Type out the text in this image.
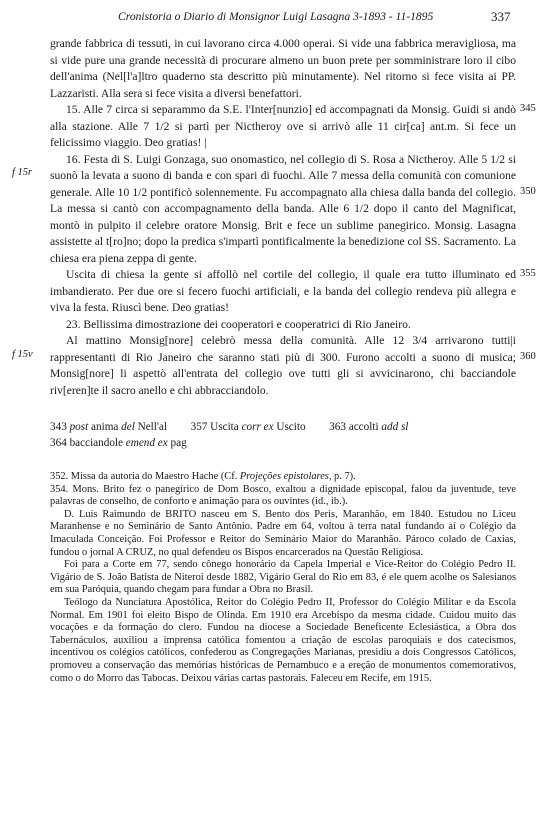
Cronistoria o Diario di Monsignor Luigi Lasagna 3-1893 - 11-1895	337

grande fabbrica di tessuti, in cui lavorano circa 4.000 operai. Si vide una fabbrica meravigliosa, ma si vide pure una grande necessità di procurare almeno un buon prete per somministrare loro il cibo dell'anima (Nel[l'a]ltro quaderno sta descritto più minutamente). Nel ritorno si fece visita ai PP. Lazzaristi. Alla sera si fece visita a diversi benefattori.

15. Alle 7 circa si separammo da S.E. l'Inter[nunzio] ed accompagnati da Monsig. Guidi si andò alla stazione. Alle 7 1/2 si partì per Nictheroy ove si arrivò alle 11 cir[ca] ant.m. Si fece un felicissimo viaggio. Deo gratias! |

16. Festa di S. Luigi Gonzaga, suo onomastico, nel collegio di S. Rosa a Nictheroy. Alle 5 1/2 si suonò la levata a suono di banda e con spari di fuochi. Alle 7 messa della comunità con comunione generale. Alle 10 1/2 pontificò solennemente. Fu accompagnato alla chiesa dalla banda del collegio. La messa si cantò con accompagnamento della banda. Alle 6 1/2 dopo il canto del Magnificat, montò in pulpito il celebre oratore Monsig. Brit e fece un sublime panegirico. Monsig. Lasagna assistette al t[ro]no; dopo la predica s'impartì pontificalmente la benedizione col SS. Sacramento. La chiesa era piena zeppa di gente.

Uscita di chiesa la gente si affollò nel cortile del collegio, il quale era tutto illuminato ed imbandierato. Per due ore si fecero fuochi artificiali, e la banda del collegio rendeva più allegra e viva la festa. Riuscì bene. Deo gratias!

23. Bellissima dimostrazione dei cooperatori e cooperatrici di Rio Janeiro.

Al mattino Monsig[nore] celebrò messa della comunità. Alle 12 3/4 arrivarono tutti|i rappresentanti di Rio Janeiro che saranno stati più di 300. Furono accolti a suono di musica; Monsig[nore] li aspettò all'entrata del collegio ove tutti gli si avvicinarono, chi bacciandole riv[eren]te il sacro anello e chi abbracciandolo.

f 15r
f 15v
345
350
355
360
343 post anima del Nell'al 357 Uscita corr ex Uscito 363 accolti add sl
364 bacciandole emend ex pag

352. Missa da autoria do Maestro Hache (Cf. Projeções epistolares, p. 7).

354. Mons. Brito fez o panegírico de Dom Bosco, exaltou a dignidade episcopal, falou da juventude, teve palavras de conselho, de conforto e animação para os ouvintes (id., ib.).

D. Luís Raimundo de BRITO nasceu em S. Bento dos Peris, Maranhão, em 1840. Estudou no Liceu Maranhense e no Seminário de Santo Antônio. Padre em 64, voltou à terra natal fundando aí o Colégio da Imaculada Conceição. Foi Professor e Reitor do Seminário Maior do Maranhão. Pároco colado de Caxias, fundou o jornal A CRUZ, no qual defendeu os Bispos encarcerados na Questão Religiosa.

Foi para a Corte em 77, sendo cônego honorário da Capela Imperial e Vice-Reitor do Colégio Pedro II. Vigário de S. João Batista de Niteroi desde 1882, Vigário Geral do Rio em 83, é ele quem acolhe os Salesianos em sua Paróquia, quando chegam para fundar a Obra no Brasil.

Teólogo da Nunciatura Apostólica, Reitor do Colégio Pedro II, Professor do Colégio Militar e da Escola Normal. Em 1901 foi eleito Bispo de Olinda. Em 1910 era Arcebispo da mesma cidade. Cuidou muito das vocações e da formação do clero. Fundou na diocese a Sociedade Beneficente Eclesiástica, a Obra dos Tabernáculos, auxiliou a imprensa católica fomentou a criação de escolas paroquiais e dos catecismos, incentivou os colégios católicos, confederou as Congregações Marianas, presidiu a dois Congressos Católicos, promoveu a conservação das memórias históricas de Pernambuco e a ereção de monumentos comemorativos, como o do Morro das Tabocas. Deixou várias cartas pastorais. Faleceu em Recife, em 1915.
